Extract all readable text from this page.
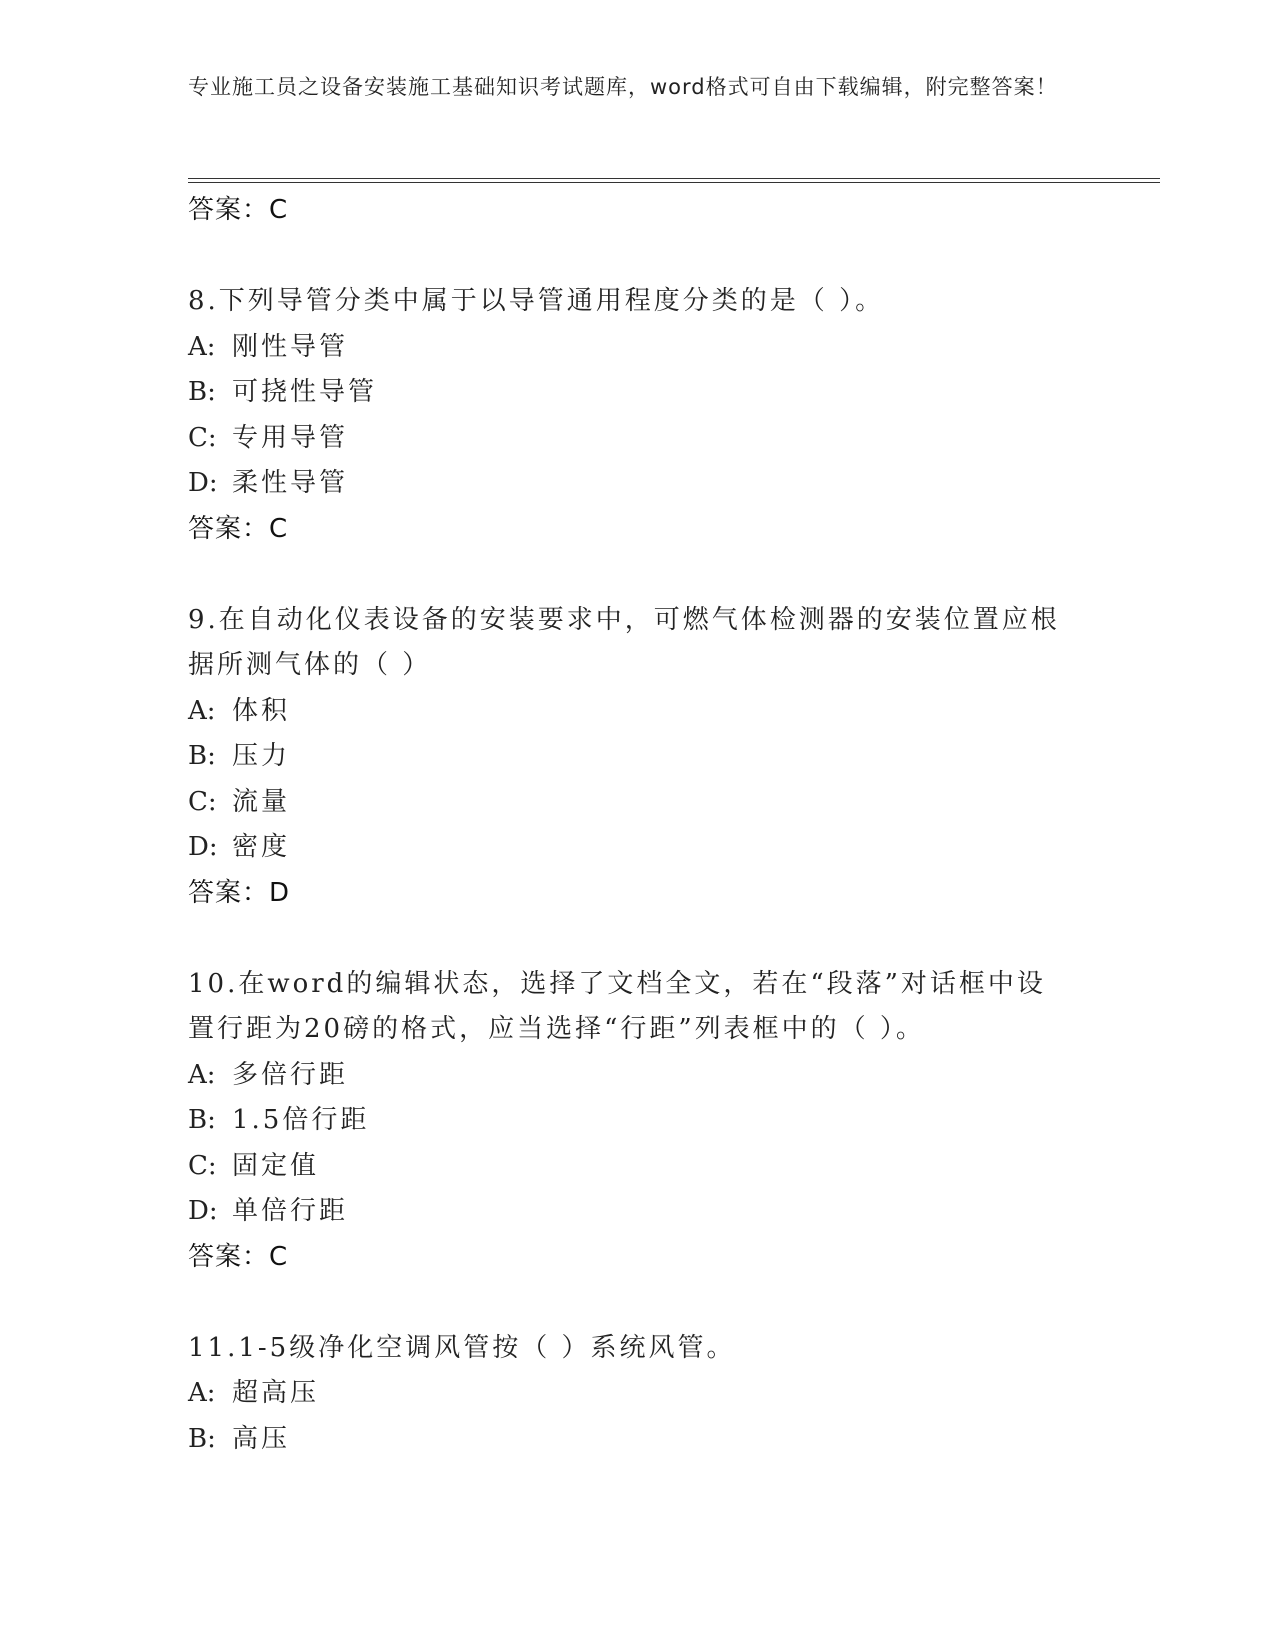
专业施工员之设备安装施工基础知识考试题库，word格式可自由下载编辑，附完整答案！
答案：C
8.下列导管分类中属于以导管通用程度分类的是（ ）。
A: 刚性导管
B: 可挠性导管
C: 专用导管
D: 柔性导管
答案：C
9.在自动化仪表设备的安装要求中，可燃气体检测器的安装位置应根据所测气体的（ ）
A: 体积
B: 压力
C: 流量
D: 密度
答案：D
10.在word的编辑状态，选择了文档全文，若在“段落”对话框中设置行距为20磅的格式，应当选择“行距”列表框中的（ ）。
A: 多倍行距
B: 1.5倍行距
C: 固定值
D: 单倍行距
答案：C
11.1-5级净化空调风管按（ ）系统风管。
A: 超高压
B: 高压
